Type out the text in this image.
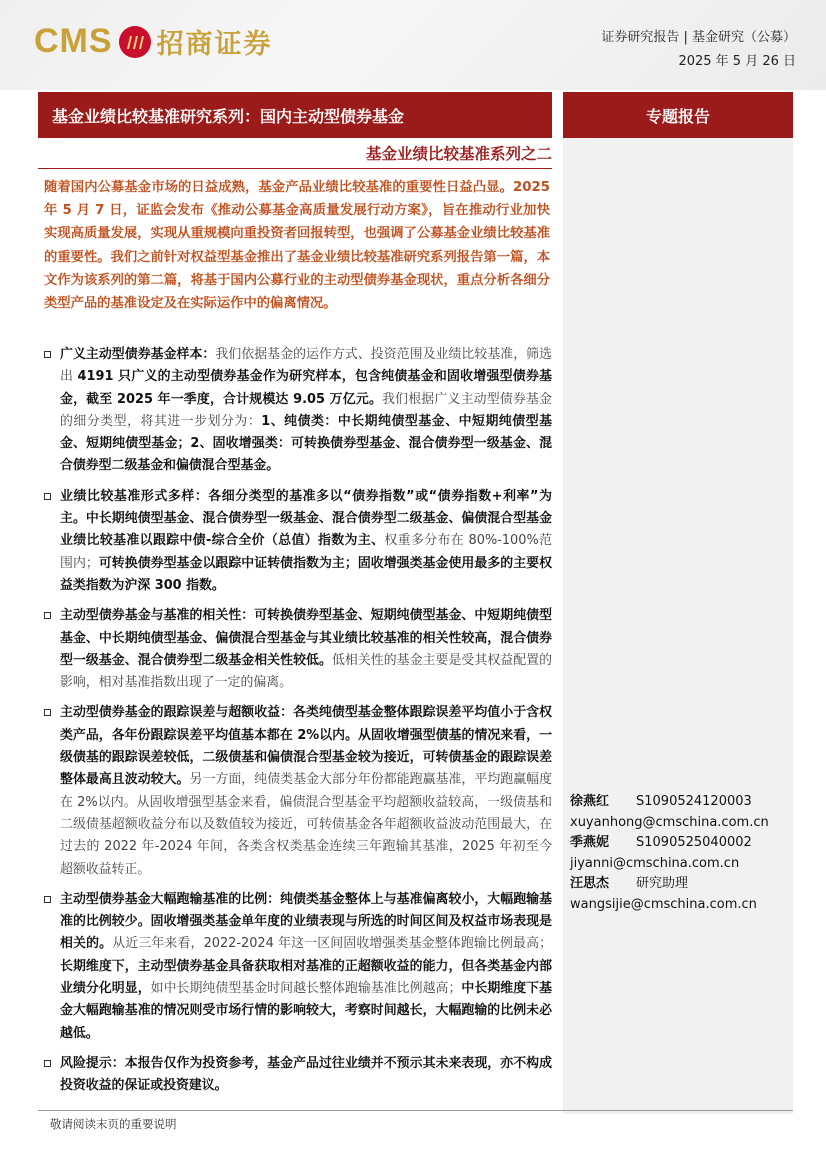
CMS 招商证券	证券研究报告 | 基金研究（公募）
2025 年 5 月 26 日
基金业绩比较基准研究系列：国内主动型债券基金	专题报告
基金业绩比较基准系列之二

随着国内公募基金市场的日益成熟，基金产品业绩比较基准的重要性日益凸显。2025 年 5 月 7 日，证监会发布《推动公募基金高质量发展行动方案》，旨在推动行业加快实现高质量发展，实现从重规模向重投资者回报转型，也强调了公募基金业绩比较基准的重要性。我们之前针对权益型基金推出了基金业绩比较基准研究系列报告第一篇，本文作为该系列的第二篇，将基于国内公募行业的主动型债券基金现状，重点分析各细分类型产品的基准设定及在实际运作中的偏离情况。

广义主动型债券基金样本：我们依据基金的运作方式、投资范围及业绩比较基准，筛选出 4191 只广义的主动型债券基金作为研究样本，包含纯债基金和固收增强型债券基金，截至 2025 年一季度，合计规模达 9.05 万亿元。我们根据广义主动型债券基金的细分类型，将其进一步划分为：1、纯债类：中长期纯债型基金、中短期纯债型基金、短期纯债型基金；2、固收增强类：可转换债券型基金、混合债券型一级基金、混合债券型二级基金和偏债混合型基金。

业绩比较基准形式多样：各细分类型的基准多以“债券指数”或“债券指数+利率”为主。中长期纯债型基金、混合债券型一级基金、混合债券型二级基金、偏债混合型基金业绩比较基准以跟踪中债-综合全价（总值）指数为主、权重多分布在 80%-100%范围内；可转换债券型基金以跟踪中证转债指数为主；固收增强类基金使用最多的主要权益类指数为沪深 300 指数。

主动型债券基金与基准的相关性：可转换债券型基金、短期纯债型基金、中短期纯债型基金、中长期纯债型基金、偏债混合型基金与其业绩比较基准的相关性较高，混合债券型一级基金、混合债券型二级基金相关性较低。低相关性的基金主要是受其权益配置的影响，相对基准指数出现了一定的偏离。

主动型债券基金的跟踪误差与超额收益：各类纯债型基金整体跟踪误差平均值小于含权类产品，各年份跟踪误差平均值基本都在 2%以内。从固收增强型债基的情况来看，一级债基的跟踪误差较低，二级债基和偏债混合型基金较为接近，可转债基金的跟踪误差整体最高且波动较大。另一方面，纯债类基金大部分年份都能跑赢基准，平均跑赢幅度在 2%以内。从固收增强型基金来看，偏债混合型基金平均超额收益较高，一级债基和二级债基超额收益分布以及数值较为接近，可转债基金各年超额收益波动范围最大，在过去的 2022 年-2024 年间，各类含权类基金连续三年跑输其基准，2025 年初至今超额收益转正。

主动型债券基金大幅跑输基准的比例：纯债类基金整体上与基准偏离较小，大幅跑输基准的比例较少。固收增强类基金单年度的业绩表现与所选的时间区间及权益市场表现是相关的。从近三年来看，2022-2024 年这一区间固收增强类基金整体跑输比例最高；长期维度下，主动型债券基金具备获取相对基准的正超额收益的能力，但各类基金内部业绩分化明显，如中长期纯债型基金时间越长整体跑输基准比例越高；中长期维度下基金大幅跑输基准的情况则受市场行情的影响较大，考察时间越长，大幅跑输的比例未必越低。

风险提示：本报告仅作为投资参考，基金产品过往业绩并不预示其未来表现，亦不构成投资收益的保证或投资建议。

徐燕红 S1090524120003
xuyanhong@cmschina.com.cn
季燕妮 S1090525040002
jiyanni@cmschina.com.cn
汪思杰 研究助理
wangsijie@cmschina.com.cn
敬请阅读末页的重要说明
